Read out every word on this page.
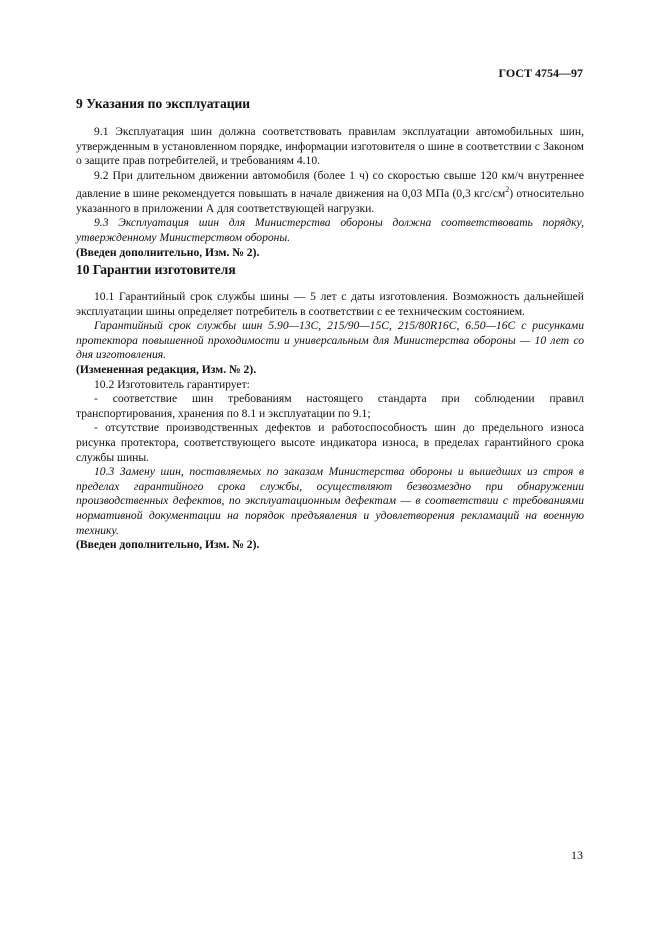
ГОСТ 4754—97
9 Указания по эксплуатации

9.1 Эксплуатация шин должна соответствовать правилам эксплуатации автомобильных шин, утвержденным в установленном порядке, информации изготовителя о шине в соответствии с Законом о защите прав потребителей, и требованиям 4.10.

9.2 При длительном движении автомобиля (более 1 ч) со скоростью свыше 120 км/ч внутреннее давление в шине рекомендуется повышать в начале движения на 0,03 МПа (0,3 кгс/$см^2$) относительно указанного в приложении А для соответствующей нагрузки.

9.3 Эксплуатация шин для Министерства обороны должна соответствовать порядку, утвержденному Министерством обороны.

(Введен дополнительно, Изм. № 2).

10 Гарантии изготовителя

10.1 Гарантийный срок службы шины — 5 лет с даты изготовления. Возможность дальнейшей эксплуатации шины определяет потребитель в соответствии с ее техническим состоянием.

Гарантийный срок службы шин 5.90—13С, 215/90—15С, 215/80R16C, 6.50—16С с рисунками протектора повышенной проходимости и универсальным для Министерства обороны — 10 лет со дня изготовления.

(Измененная редакция, Изм. № 2).

10.2 Изготовитель гарантирует:

- соответствие шин требованиям настоящего стандарта при соблюдении правил транспортирования, хранения по 8.1 и эксплуатации по 9.1;

- отсутствие производственных дефектов и работоспособность шин до предельного износа рисунка протектора, соответствующего высоте индикатора износа, в пределах гарантийного срока службы шины.

10.3 Замену шин, поставляемых по заказам Министерства обороны и вышедших из строя в пределах гарантийного срока службы, осуществляют безвозмездно при обнаружении производственных дефектов, по эксплуатационным дефектам — в соответствии с требованиями нормативной документации на порядок предъявления и удовлетворения рекламаций на военную технику.

(Введен дополнительно, Изм. № 2).

13
